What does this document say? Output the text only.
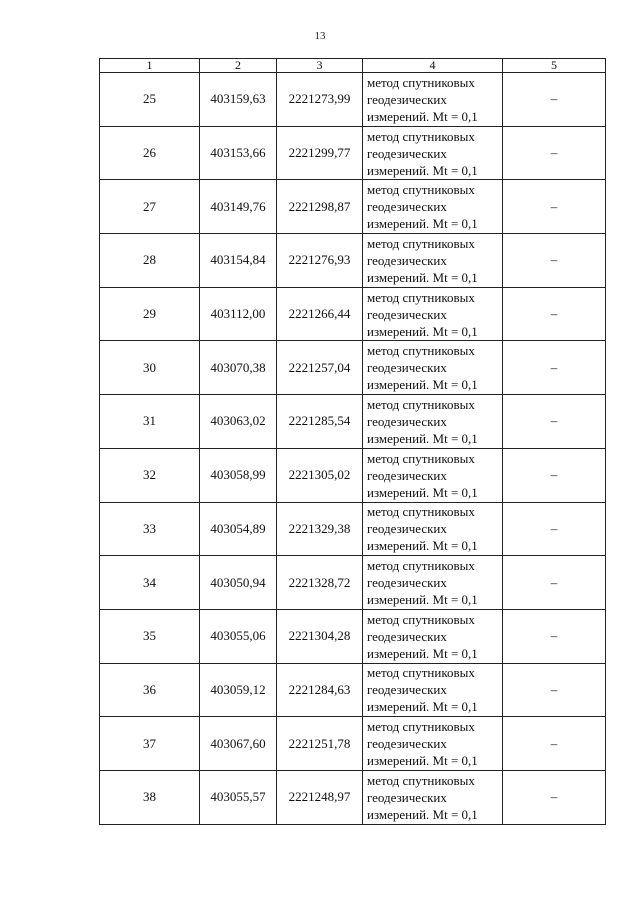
13
1	2	3	4	5
25	403159,63	2221273,99	метод спутниковых
геодезических
измерений. Mt = 0,1	–
26	403153,66	2221299,77	метод спутниковых
геодезических
измерений. Mt = 0,1	–
27	403149,76	2221298,87	метод спутниковых
геодезических
измерений. Mt = 0,1	–
28	403154,84	2221276,93	метод спутниковых
геодезических
измерений. Mt = 0,1	–
29	403112,00	2221266,44	метод спутниковых
геодезических
измерений. Mt = 0,1	–
30	403070,38	2221257,04	метод спутниковых
геодезических
измерений. Mt = 0,1	–
31	403063,02	2221285,54	метод спутниковых
геодезических
измерений. Mt = 0,1	–
32	403058,99	2221305,02	метод спутниковых
геодезических
измерений. Mt = 0,1	–
33	403054,89	2221329,38	метод спутниковых
геодезических
измерений. Mt = 0,1	–
34	403050,94	2221328,72	метод спутниковых
геодезических
измерений. Mt = 0,1	–
35	403055,06	2221304,28	метод спутниковых
геодезических
измерений. Mt = 0,1	–
36	403059,12	2221284,63	метод спутниковых
геодезических
измерений. Mt = 0,1	–
37	403067,60	2221251,78	метод спутниковых
геодезических
измерений. Mt = 0,1	–
38	403055,57	2221248,97	метод спутниковых
геодезических
измерений. Mt = 0,1	–
